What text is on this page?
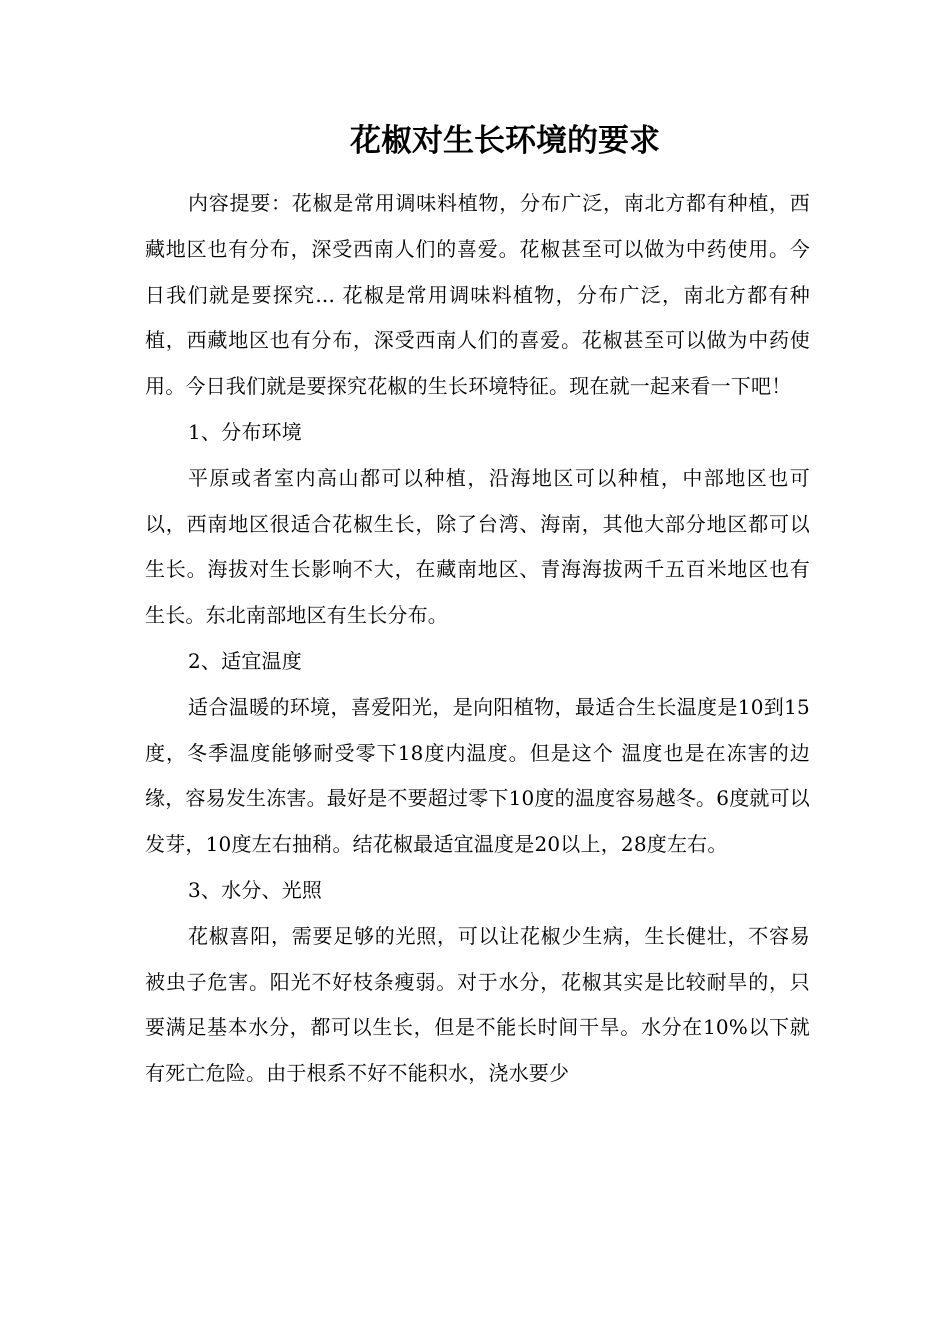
花椒对生长环境的要求

内容提要：花椒是常用调味料植物，分布广泛，南北方都有种植，西藏地区也有分布，深受西南人们的喜爱。花椒甚至可以做为中药使用。今日我们就是要探究... 花椒是常用调味料植物，分布广泛，南北方都有种植，西藏地区也有分布，深受西南人们的喜爱。花椒甚至可以做为中药使用。今日我们就是要探究花椒的生长环境特征。现在就一起来看一下吧！

1、分布环境

平原或者室内高山都可以种植，沿海地区可以种植，中部地区也可以，西南地区很适合花椒生长，除了台湾、海南，其他大部分地区都可以生长。海拔对生长影响不大，在藏南地区、青海海拔两千五百米地区也有生长。东北南部地区有生长分布。

2、适宜温度

适合温暖的环境，喜爱阳光，是向阳植物，最适合生长温度是10到15度，冬季温度能够耐受零下18度内温度。但是这个 温度也是在冻害的边缘，容易发生冻害。最好是不要超过零下10度的温度容易越冬。6度就可以发芽，10度左右抽稍。结花椒最适宜温度是20以上，28度左右。

3、水分、光照

花椒喜阳，需要足够的光照，可以让花椒少生病，生长健壮，不容易被虫子危害。阳光不好枝条瘦弱。对于水分，花椒其实是比较耐旱的，只要满足基本水分，都可以生长，但是不能长时间干旱。水分在10%以下就有死亡危险。由于根系不好不能积水，浇水要少
